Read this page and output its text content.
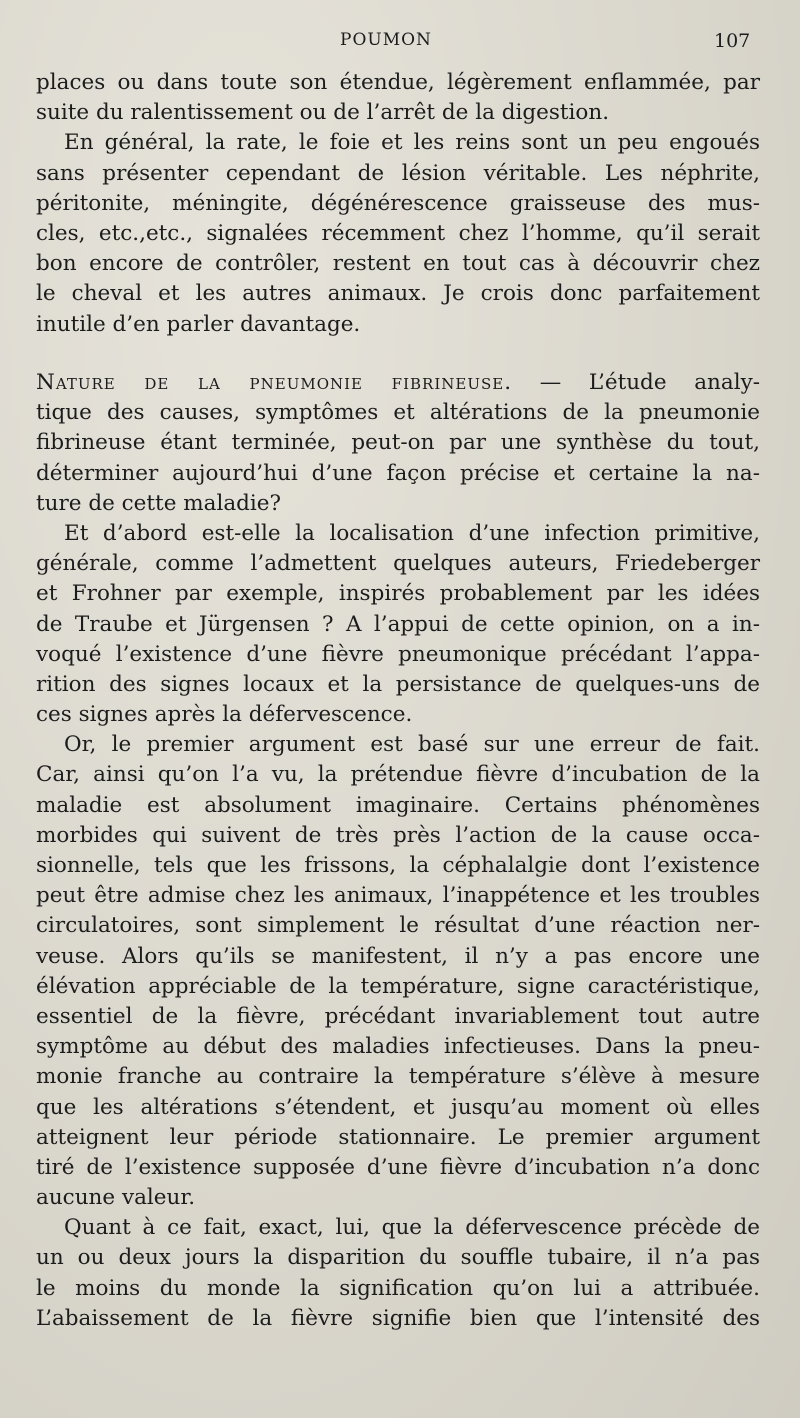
POUMON	107
places ou dans toute son étendue, légèrement enflammée, par
suite du ralentissement ou de l’arrêt de la digestion.
En général, la rate, le foie et les reins sont un peu engoués
sans présenter cependant de lésion véritable. Les néphrite,
péritonite, méningite, dégénérescence graisseuse des mus-
cles, etc.,etc., signalées récemment chez l’homme, qu’il serait
bon encore de contrôler, restent en tout cas à découvrir chez
le cheval et les autres animaux. Je crois donc parfaitement
inutile d’en parler davantage.
Nature de la pneumonie fibrineuse. — L’étude analy-
tique des causes, symptômes et altérations de la pneumonie
fibrineuse étant terminée, peut-on par une synthèse du tout,
déterminer aujourd’hui d’une façon précise et certaine la na-
ture de cette maladie?
Et d’abord est-elle la localisation d’une infection primitive,
générale, comme l’admettent quelques auteurs, Friedeberger
et Frohner par exemple, inspirés probablement par les idées
de Traube et Jürgensen ? A l’appui de cette opinion, on a in-
voqué l’existence d’une fièvre pneumonique précédant l’appa-
rition des signes locaux et la persistance de quelques-uns de
ces signes après la défervescence.
Or, le premier argument est basé sur une erreur de fait.
Car, ainsi qu’on l’a vu, la prétendue fièvre d’incubation de la
maladie est absolument imaginaire. Certains phénomènes
morbides qui suivent de très près l’action de la cause occa-
sionnelle, tels que les frissons, la céphalalgie dont l’existence
peut être admise chez les animaux, l’inappétence et les troubles
circulatoires, sont simplement le résultat d’une réaction ner-
veuse. Alors qu’ils se manifestent, il n’y a pas encore une
élévation appréciable de la température, signe caractéristique,
essentiel de la fièvre, précédant invariablement tout autre
symptôme au début des maladies infectieuses. Dans la pneu-
monie franche au contraire la température s’élève à mesure
que les altérations s’étendent, et jusqu’au moment où elles
atteignent leur période stationnaire. Le premier argument
tiré de l’existence supposée d’une fièvre d’incubation n’a donc
aucune valeur.
Quant à ce fait, exact, lui, que la défervescence précède de
un ou deux jours la disparition du souffle tubaire, il n’a pas
le moins du monde la signification qu’on lui a attribuée.
L’abaissement de la fièvre signifie bien que l’intensité des
